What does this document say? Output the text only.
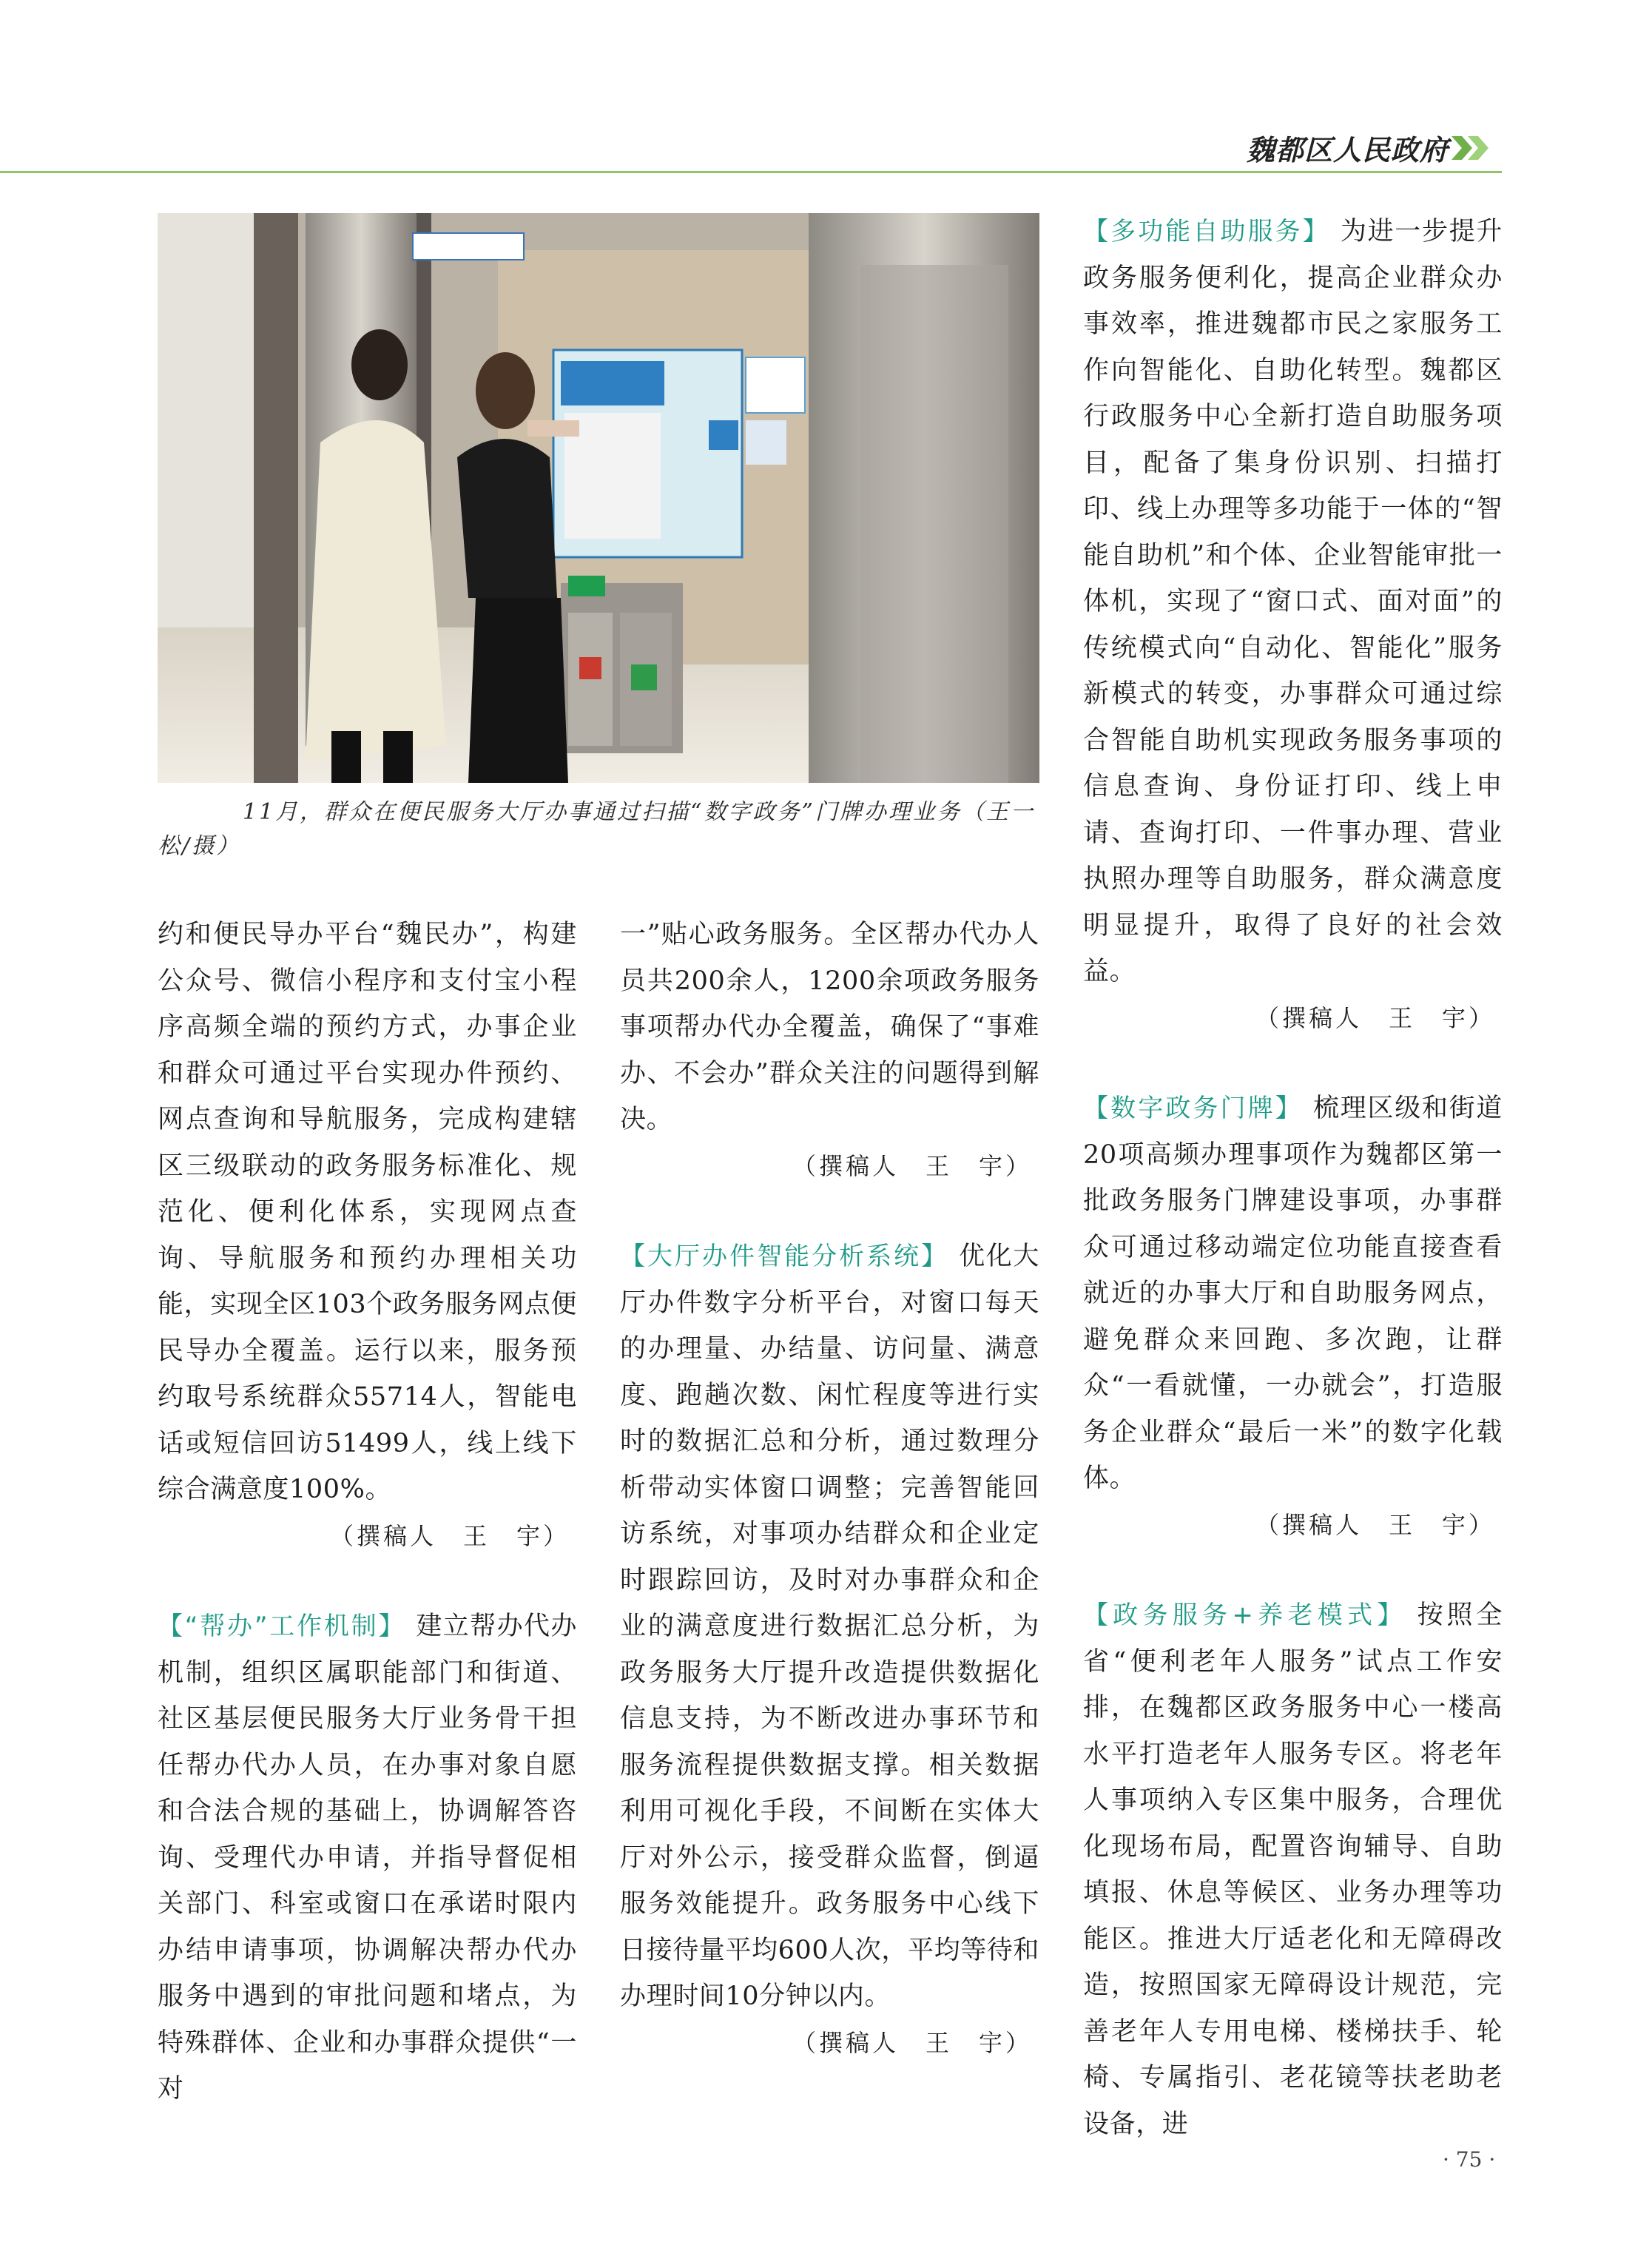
魏都区人民政府
11月，群众在便民服务大厅办事通过扫描“数字政务”门牌办理业务（王一松/摄）

约和便民导办平台“魏民办”，构建公众号、微信小程序和支付宝小程序高频全端的预约方式，办事企业和群众可通过平台实现办件预约、网点查询和导航服务，完成构建辖区三级联动的政务服务标准化、规范化、便利化体系，实现网点查询、导航服务和预约办理相关功能，实现全区103个政务服务网点便民导办全覆盖。运行以来，服务预约取号系统群众55714人，智能电话或短信回访51499人，线上线下综合满意度100%。

（撰稿人　王　宇）

【“帮办”工作机制】 建立帮办代办机制，组织区属职能部门和街道、社区基层便民服务大厅业务骨干担任帮办代办人员，在办事对象自愿和合法合规的基础上，协调解答咨询、受理代办申请，并指导督促相关部门、科室或窗口在承诺时限内办结申请事项，协调解决帮办代办服务中遇到的审批问题和堵点，为特殊群体、企业和办事群众提供“一对

一”贴心政务服务。全区帮办代办人员共200余人，1200余项政务服务事项帮办代办全覆盖，确保了“事难办、不会办”群众关注的问题得到解决。

（撰稿人　王　宇）

【大厅办件智能分析系统】 优化大厅办件数字分析平台，对窗口每天的办理量、办结量、访问量、满意度、跑趟次数、闲忙程度等进行实时的数据汇总和分析，通过数理分析带动实体窗口调整；完善智能回访系统，对事项办结群众和企业定时跟踪回访，及时对办事群众和企业的满意度进行数据汇总分析，为政务服务大厅提升改造提供数据化信息支持，为不断改进办事环节和服务流程提供数据支撑。相关数据利用可视化手段，不间断在实体大厅对外公示，接受群众监督，倒逼服务效能提升。政务服务中心线下日接待量平均600人次，平均等待和办理时间10分钟以内。

（撰稿人　王　宇）

【多功能自助服务】 为进一步提升政务服务便利化，提高企业群众办事效率，推进魏都市民之家服务工作向智能化、自助化转型。魏都区行政服务中心全新打造自助服务项目，配备了集身份识别、扫描打印、线上办理等多功能于一体的“智能自助机”和个体、企业智能审批一体机，实现了“窗口式、面对面”的传统模式向“自动化、智能化”服务新模式的转变，办事群众可通过综合智能自助机实现政务服务事项的信息查询、身份证打印、线上申请、查询打印、一件事办理、营业执照办理等自助服务，群众满意度明显提升，取得了良好的社会效益。

（撰稿人　王　宇）

【数字政务门牌】 梳理区级和街道20项高频办理事项作为魏都区第一批政务服务门牌建设事项，办事群众可通过移动端定位功能直接查看就近的办事大厅和自助服务网点，避免群众来回跑、多次跑，让群众“一看就懂，一办就会”，打造服务企业群众“最后一米”的数字化载体。

（撰稿人　王　宇）

【政务服务+养老模式】 按照全省“便利老年人服务”试点工作安排，在魏都区政务服务中心一楼高水平打造老年人服务专区。将老年人事项纳入专区集中服务，合理优化现场布局，配置咨询辅导、自助填报、休息等候区、业务办理等功能区。推进大厅适老化和无障碍改造，按照国家无障碍设计规范，完善老年人专用电梯、楼梯扶手、轮椅、专属指引、老花镜等扶老助老设备，进

· 75 ·
